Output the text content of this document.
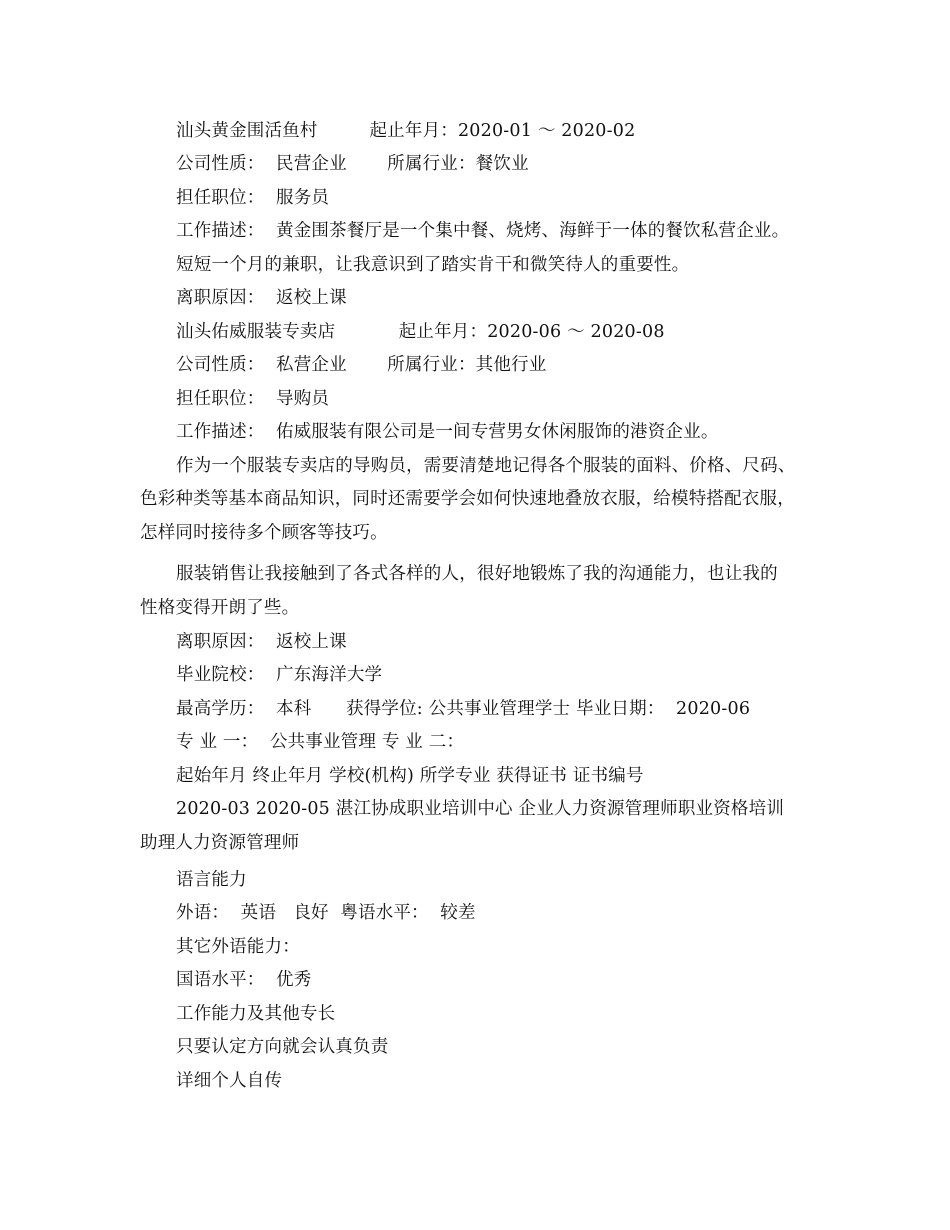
汕头黄金围活鱼村         起止年月：2020-01 ～ 2020-02
公司性质：  民营企业       所属行业：餐饮业
担任职位：  服务员
工作描述：  黄金围茶餐厅是一个集中餐、烧烤、海鲜于一体的餐饮私营企业。
短短一个月的兼职，让我意识到了踏实肯干和微笑待人的重要性。
离职原因：  返校上课
汕头佑威服装专卖店           起止年月：2020-06 ～ 2020-08
公司性质：  私营企业       所属行业：其他行业
担任职位：  导购员
工作描述：  佑威服装有限公司是一间专营男女休闲服饰的港资企业。
作为一个服装专卖店的导购员，需要清楚地记得各个服装的面料、价格、尺码、
色彩种类等基本商品知识，同时还需要学会如何快速地叠放衣服，给模特搭配衣服，
怎样同时接待多个顾客等技巧。
服装销售让我接触到了各式各样的人，很好地锻炼了我的沟通能力，也让我的
性格变得开朗了些。
离职原因：  返校上课
毕业院校：  广东海洋大学
最高学历：  本科      获得学位: 公共事业管理学士 毕业日期：  2020-06
专 业 一：  公共事业管理 专 业 二：
起始年月 终止年月 学校(机构) 所学专业 获得证书 证书编号
2020-03 2020-05 湛江协成职业培训中心 企业人力资源管理师职业资格培训
助理人力资源管理师
语言能力
外语：  英语   良好  粤语水平：  较差
其它外语能力：
国语水平：  优秀
工作能力及其他专长
只要认定方向就会认真负责
详细个人自传
